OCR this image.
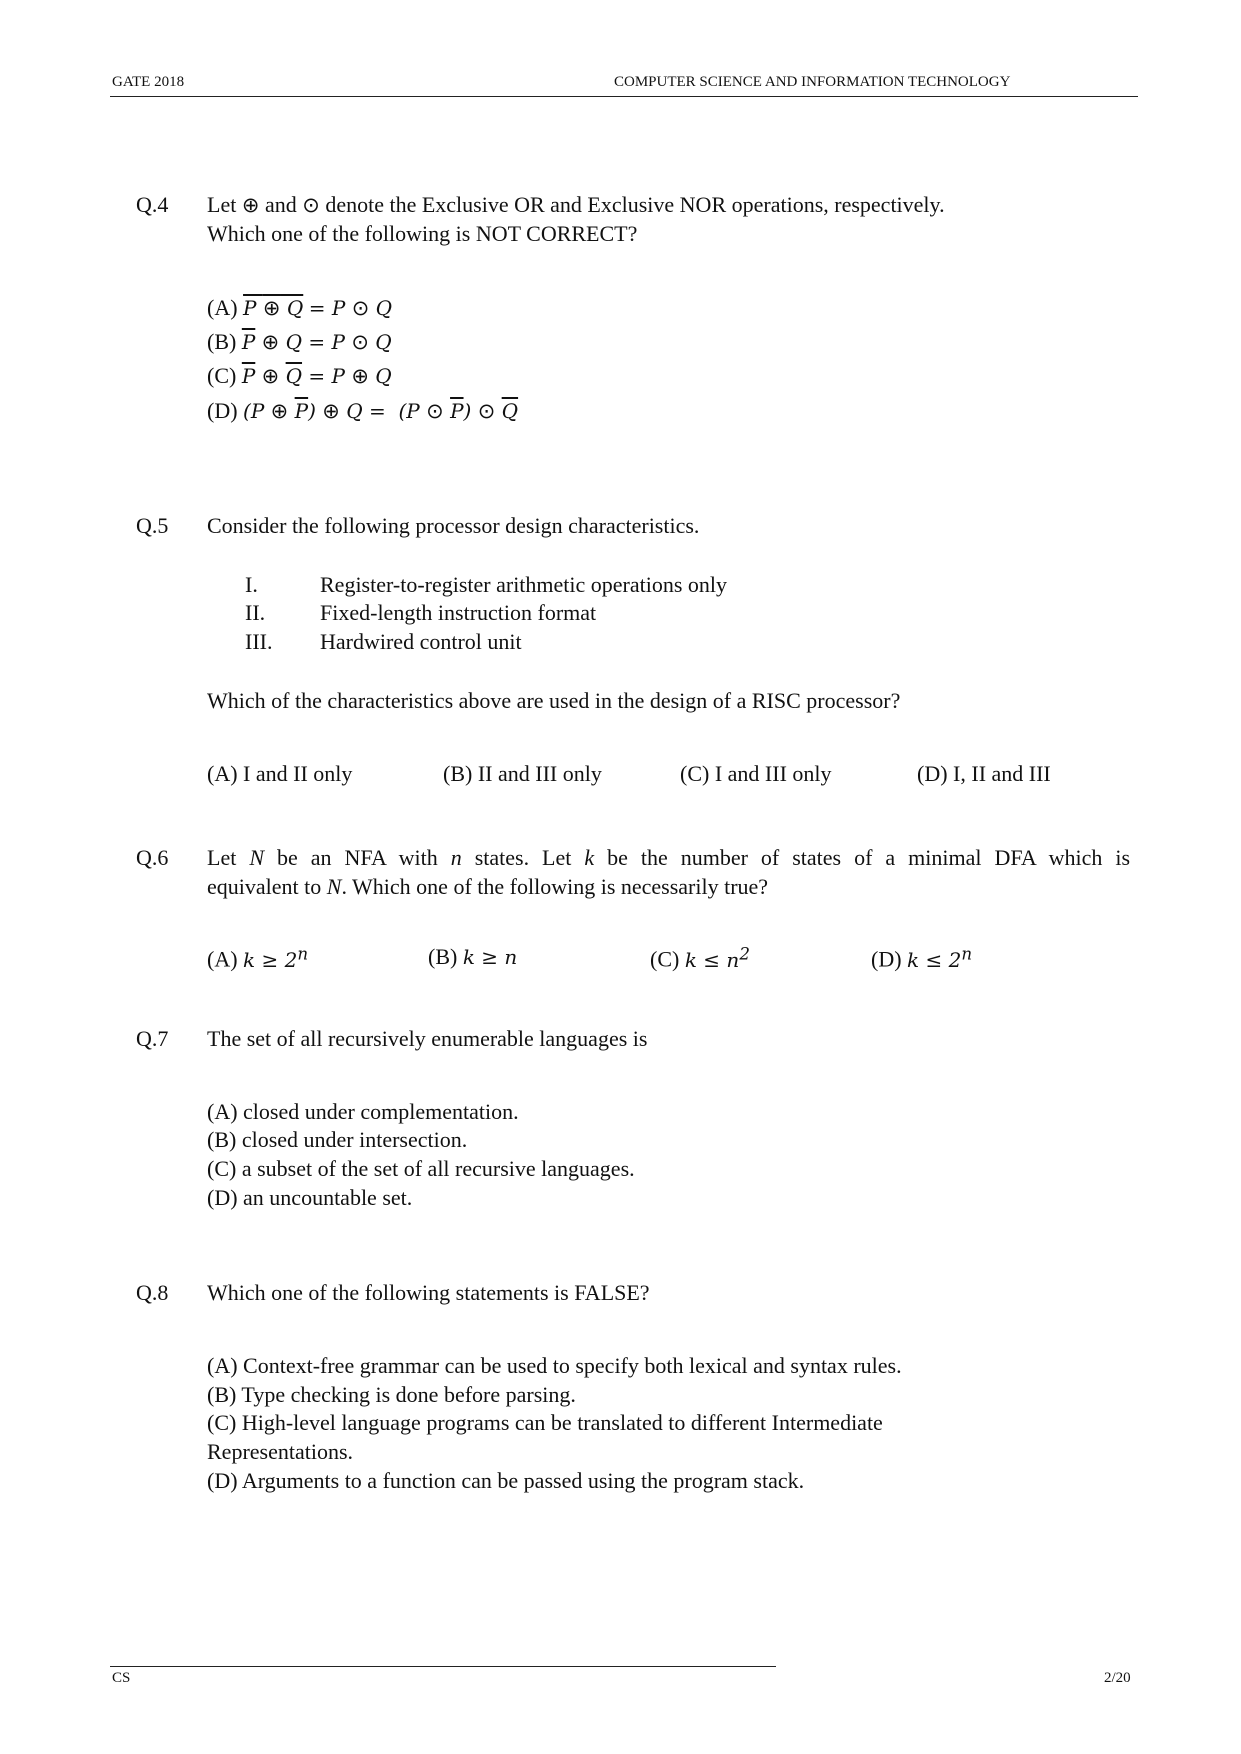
GATE 2018	COMPUTER SCIENCE AND INFORMATION TECHNOLOGY
CS	2/20
Q.4 Let ⊕ and ⊙ denote the Exclusive OR and Exclusive NOR operations, respectively.
Which one of the following is NOT CORRECT?
(A) P ⊕ Q = P ⊙ Q
(B) $\overline{P}$ ⊕ Q = P ⊙ Q
(C) $\overline{P}$ ⊕ $\overline{Q} = P$ ⊕ Q
(D) (P ⊕ $\overline{P}$) ⊕ Q =  (P ⊙ $\overline{P}$) ⊙ $\overline{Q}$
Q.5 Consider the following processor design characteristics.
I.	Register-to-register arithmetic operations only
II. Fixed-length instruction format
III. Hardwired control unit
Which of the characteristics above are used in the design of a RISC processor?
(A) I and II only	(B) II and III only	(C) I and III only	(D) I, II and III
Q.6 Let N be an NFA with n states. Let k be the number of states of a minimal DFA which is
equivalent to N. Which one of the following is necessarily true?
(A) $k \ge 2^n$	(B) k ≥ n	(C) $k \le n^2$	(D) $k \le 2^n$
Q.7 The set of all recursively enumerable languages is
(A) closed under complementation.
(B) closed under intersection.
(C) a subset of the set of all recursive languages.
(D) an uncountable set.
Q.8 Which one of the following statements is FALSE?
(A) Context-free grammar can be used to specify both lexical and syntax rules.
(B) Type checking is done before parsing.
(C) High-level language programs can be translated to different Intermediate
Representations.
(D) Arguments to a function can be passed using the program stack.
